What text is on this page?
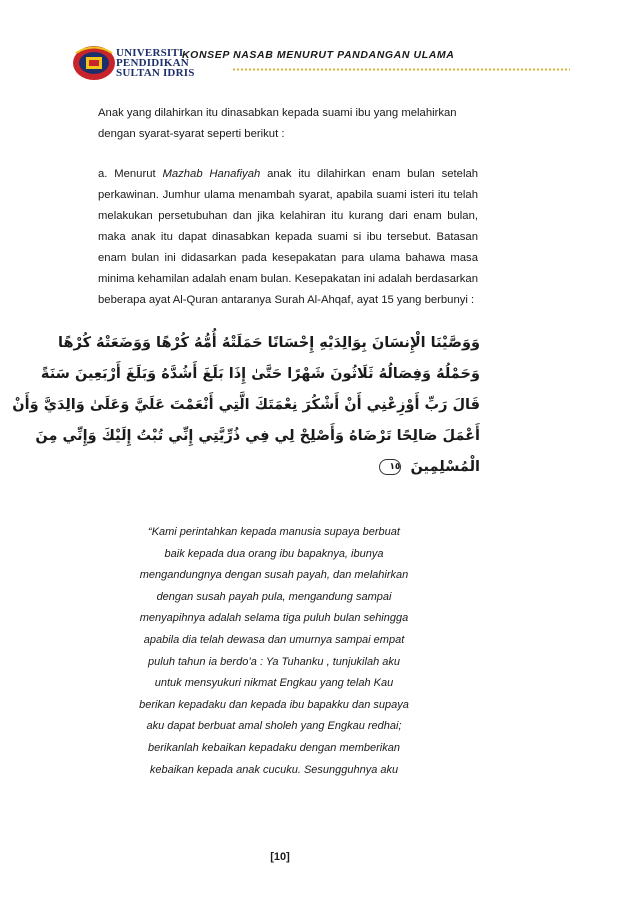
UNIVERSITI
PENDIDIKAN
SULTAN IDRIS
KONSEP NASAB MENURUT PANDANGAN ULAMA
Anak yang dilahirkan itu dinasabkan kepada suami ibu yang melahirkan dengan syarat-syarat seperti berikut :
a. Menurut Mazhab Hanafiyah anak itu dilahirkan enam bulan setelah perkawinan. Jumhur ulama menambah syarat, apabila suami isteri itu telah melakukan persetubuhan dan jika kelahiran itu kurang dari enam bulan, maka anak itu dapat dinasabkan kepada suami si ibu tersebut. Batasan enam bulan ini didasarkan pada kesepakatan para ulama bahawa masa minima kehamilan adalah enam bulan. Kesepakatan ini adalah berdasarkan beberapa ayat Al-Quran antaranya Surah Al-Ahqaf, ayat 15 yang berbunyi :
وَوَصَّيْنَا الْإِنسَانَ بِوَالِدَيْهِ إِحْسَانًا حَمَلَتْهُ أُمُّهُ كُرْهًا وَوَضَعَتْهُ كُرْهًا
وَحَمْلُهُ وَفِصَالُهُ ثَلَاثُونَ شَهْرًا حَتَّىٰ إِذَا بَلَغَ أَشُدَّهُ وَبَلَغَ أَرْبَعِينَ سَنَةً
قَالَ رَبِّ أَوْزِعْنِي أَنْ أَشْكُرَ نِعْمَتَكَ الَّتِي أَنْعَمْتَ عَلَيَّ وَعَلَىٰ وَالِدَيَّ وَأَنْ
أَعْمَلَ صَالِحًا تَرْضَاهُ وَأَصْلِحْ لِي فِي ذُرِّيَّتِي إِنِّي تُبْتُ إِلَيْكَ وَإِنِّي مِنَ
الْمُسْلِمِينَ ١٥
“Kami perintahkan kepada manusia supaya berbuat
baik kepada dua orang ibu bapaknya, ibunya
mengandungnya dengan susah payah, dan melahirkan
dengan susah payah pula, mengandung sampai
menyapihnya adalah selama tiga puluh bulan sehingga
apabila dia telah dewasa dan umurnya sampai empat
puluh tahun ia berdo’a : Ya Tuhanku , tunjukilah aku
untuk mensyukuri nikmat Engkau yang telah Kau
berikan kepadaku dan kepada ibu bapakku dan supaya
aku dapat berbuat amal sholeh yang Engkau redhai;
berikanlah kebaikan kepadaku dengan memberikan
kebaikan kepada anak cucuku. Sesungguhnya aku
[10]
